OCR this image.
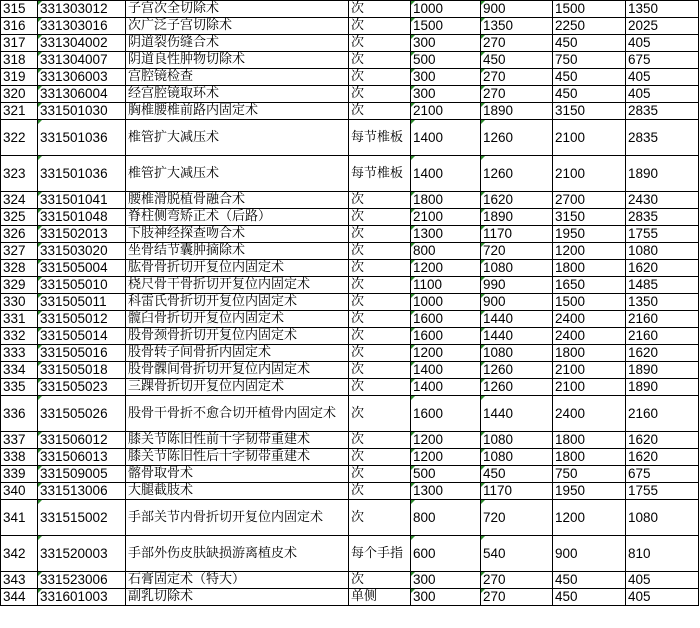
315	331303012	子宫次全切除术	次	1000	900	1500	1350
316	331303016	次广泛子宫切除术	次	1500	1350	2250	2025
317	331304002	阴道裂伤缝合术	次	300	270	450	405
318	331304007	阴道良性肿物切除术	次	500	450	750	675
319	331306003	宫腔镜检查	次	300	270	450	405
320	331306004	经宫腔镜取环术	次	300	270	450	405
321	331501030	胸椎腰椎前路内固定术	次	2100	1890	3150	2835
322	331501036	椎管扩大减压术	每节椎板	1400	1260	2100	2835
323	331501036	椎管扩大减压术	每节椎板	1400	1260	2100	1890
324	331501041	腰椎滑脱植骨融合术	次	1800	1620	2700	2430
325	331501048	脊柱侧弯矫正术（后路）	次	2100	1890	3150	2835
326	331502013	下肢神经探查吻合术	次	1300	1170	1950	1755
327	331503020	坐骨结节囊肿摘除术	次	800	720	1200	1080
328	331505004	肱骨骨折切开复位内固定术	次	1200	1080	1800	1620
329	331505010	桡尺骨干骨折切开复位内固定术	次	1100	990	1650	1485
330	331505011	科雷氏骨折切开复位内固定术	次	1000	900	1500	1350
331	331505012	髋臼骨折切开复位内固定术	次	1600	1440	2400	2160
332	331505014	股骨颈骨折切开复位内固定术	次	1600	1440	2400	2160
333	331505016	股骨转子间骨折内固定术	次	1200	1080	1800	1620
334	331505018	股骨髁间骨折切开复位内固定术	次	1400	1260	2100	1890
335	331505023	三踝骨折切开复位内固定术	次	1400	1260	2100	1890
336	331505026	股骨干骨折不愈合切开植骨内固定术	次	1600	1440	2400	2160
337	331506012	膝关节陈旧性前十字韧带重建术	次	1200	1080	1800	1620
338	331506013	膝关节陈旧性后十字韧带重建术	次	1200	1080	1800	1620
339	331509005	髂骨取骨术	次	500	450	750	675
340	331513006	大腿截肢术	次	1300	1170	1950	1755
341	331515002	手部关节内骨折切开复位内固定术	次	800	720	1200	1080
342	331520003	手部外伤皮肤缺损游离植皮术	每个手指	600	540	900	810
343	331523006	石膏固定术（特大）	次	300	270	450	405
344	331601003	副乳切除术	单侧	300	270	450	405
